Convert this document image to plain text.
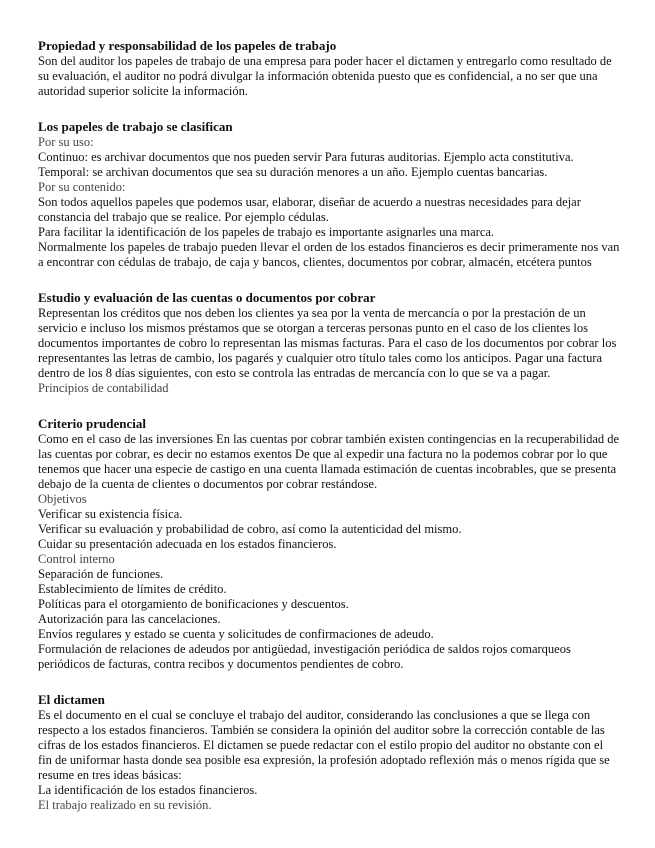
Propiedad y responsabilidad de los papeles de trabajo

Son del auditor los papeles de trabajo de una empresa para poder hacer el dictamen y entregarlo como resultado de su evaluación, el auditor no podrá divulgar la información obtenida puesto que es confidencial, a no ser que una autoridad superior solicite la información.

Los papeles de trabajo se clasifican

Por su uso:

Continuo: es archivar documentos que nos pueden servir Para futuras auditorias. Ejemplo acta constitutiva.

Temporal: se archivan documentos que sea su duración menores a un año. Ejemplo cuentas bancarias.

Por su contenido:

Son todos aquellos papeles que podemos usar, elaborar, diseñar de acuerdo a nuestras necesidades para dejar constancia del trabajo que se realice. Por ejemplo cédulas.

Para facilitar la identificación de los papeles de trabajo es importante asignarles una marca.

Normalmente los papeles de trabajo pueden llevar el orden de los estados financieros es decir primeramente nos van a encontrar con cédulas de trabajo, de caja y bancos, clientes, documentos por cobrar, almacén, etcétera puntos

Estudio y evaluación de las cuentas o documentos por cobrar

Representan los créditos que nos deben los clientes ya sea por la venta de mercancía o por la prestación de un servicio e incluso los mismos préstamos que se otorgan a terceras personas punto en el caso de los clientes los documentos importantes de cobro lo representan las mismas facturas. Para el caso de los documentos por cobrar los representantes las letras de cambio, los pagarés y cualquier otro título tales como los anticipos. Pagar una factura dentro de los 8 días siguientes, con esto se controla las entradas de mercancía con lo que se va a pagar.

Principios de contabilidad

Criterio prudencial

Como en el caso de las inversiones En las cuentas por cobrar también existen contingencias en la recuperabilidad de las cuentas por cobrar, es decir no estamos exentos De que al expedir una factura no la podemos cobrar por lo que tenemos que hacer una especie de castigo en una cuenta llamada estimación de cuentas incobrables, que se presenta debajo de la cuenta de clientes o documentos por cobrar restándose.

Objetivos

Verificar su existencia física.

Verificar su evaluación y probabilidad de cobro, así como la autenticidad del mismo.

Cuidar su presentación adecuada en los estados financieros.

Control interno

Separación de funciones.

Establecimiento de límites de crédito.

Políticas para el otorgamiento de bonificaciones y descuentos.

Autorización para las cancelaciones.

Envíos regulares y estado se cuenta y solicitudes de confirmaciones de adeudo.

Formulación de relaciones de adeudos por antigüedad, investigación periódica de saldos rojos comarqueos periódicos de facturas, contra recibos y documentos pendientes de cobro.

El dictamen

Es el documento en el cual se concluye el trabajo del auditor, considerando las conclusiones a que se llega con respecto a los estados financieros. También se considera la opinión del auditor sobre la corrección contable de las cifras de los estados financieros. El dictamen se puede redactar con el estilo propio del auditor no obstante con el fin de uniformar hasta donde sea posible esa expresión, la profesión adoptado reflexión más o menos rígida que se resume en tres ideas básicas:

La identificación de los estados financieros.

El trabajo realizado en su revisión.
